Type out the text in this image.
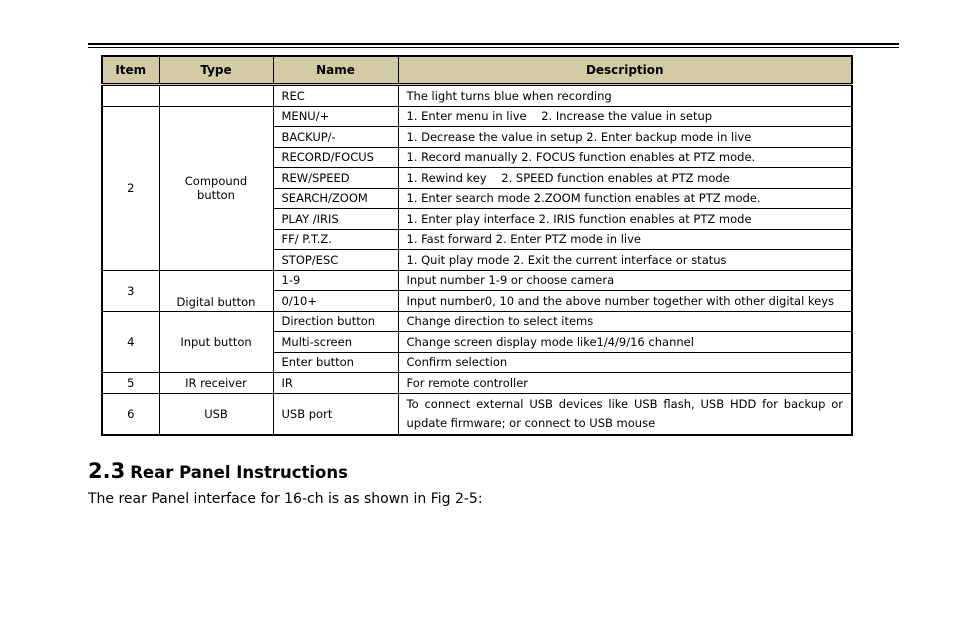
Item	Type	Name	Description
		REC	The light turns blue when recording
2	Compound button	MENU/+	1. Enter menu in live    2. Increase the value in setup
		BACKUP/-	1. Decrease the value in setup 2. Enter backup mode in live
		RECORD/FOCUS	1. Record manually 2. FOCUS function enables at PTZ mode.
		REW/SPEED	1. Rewind key    2. SPEED function enables at PTZ mode
		SEARCH/ZOOM	1. Enter search mode 2.ZOOM function enables at PTZ mode.
		PLAY /IRIS	1. Enter play interface 2. IRIS function enables at PTZ mode
		FF/ P.T.Z.	1. Fast forward 2. Enter PTZ mode in live
		STOP/ESC	1. Quit play mode 2. Exit the current interface or status
3	Digital button	1-9	Input number 1-9 or choose camera
		0/10+	Input number0, 10 and the above number together with other digital keys
4	Input button	Direction button	Change direction to select items
		Multi-screen	Change screen display mode like1/4/9/16 channel
		Enter button	Confirm selection
5	IR receiver	IR	For remote controller
6	USB	USB port	To connect external USB devices like USB flash, USB HDD for backup or update firmware; or connect to USB mouse
2.3 Rear Panel Instructions

The rear Panel interface for 16-ch is as shown in Fig 2-5:
